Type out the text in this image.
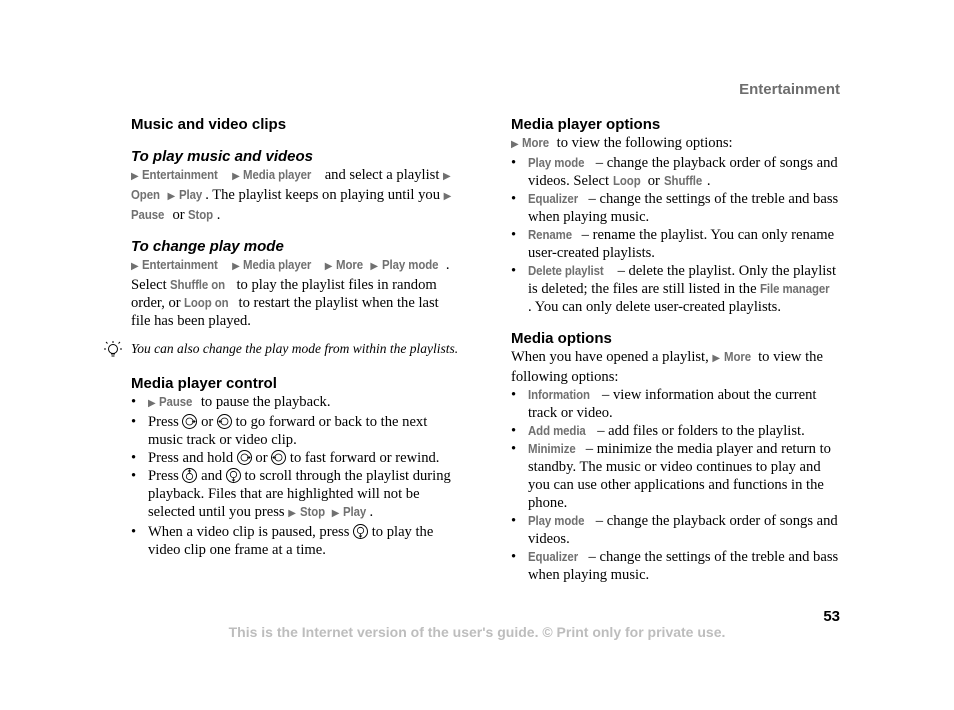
Entertainment
Music and video clips
To play music and videos

▶ Entertainment ▶ Media player and select a playlist ▶ Open ▶ Play . The playlist keeps on playing until you ▶ Pause or Stop .

To change play mode

▶ Entertainment ▶ Media player ▶ More ▶ Play mode . Select Shuffle on to play the playlist files in random order, or Loop on to restart the playlist when the last file has been played.

You can also change the play mode from within the playlists.
Media player control
• ▶ Pause to pause the playback.
• Press
or
to go forward or back to the next music track or video clip.
• Press and hold
or
to fast forward or rewind.
• Press
and
to scroll through the playlist during playback. Files that are highlighted will not be selected until you press ▶ Stop ▶ Play .
• When a video clip is paused, press
to play the video clip one frame at a time.
Media player options

▶ More to view the following options:

• Play mode – change the playback order of songs and videos. Select Loop or Shuffle .
• Equalizer – change the settings of the treble and bass when playing music.
• Rename – rename the playlist. You can only rename user-created playlists.
• Delete playlist – delete the playlist. Only the playlist is deleted; the files are still listed in the File manager. You can only delete user-created playlists.
Media options

When you have opened a playlist, ▶ More to view the following options:

• Information – view information about the current track or video.
• Add media – add files or folders to the playlist.
• Minimize – minimize the media player and return to standby. The music or video continues to play and you can use other applications and functions in the phone.
• Play mode – change the playback order of songs and videos.
• Equalizer – change the settings of the treble and bass when playing music.
53
This is the Internet version of the user's guide. © Print only for private use.
